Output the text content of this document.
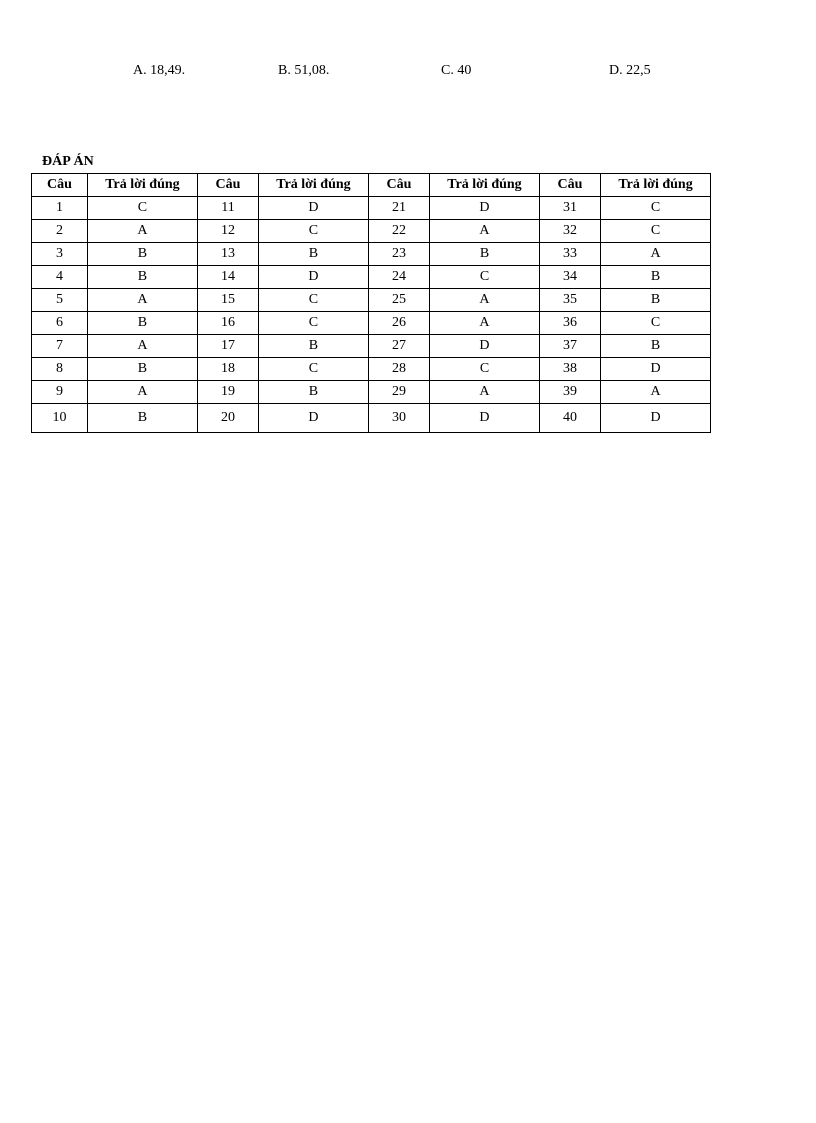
A. 18,49.	B. 51,08.	C. 40	D. 22,5
ĐÁP ÁN
Câu	Trả lời đúng	Câu	Trả lời đúng	Câu	Trả lời đúng	Câu	Trả lời đúng
1	C	11	D	21	D	31	C
2	A	12	C	22	A	32	C
3	B	13	B	23	B	33	A
4	B	14	D	24	C	34	B
5	A	15	C	25	A	35	B
6	B	16	C	26	A	36	C
7	A	17	B	27	D	37	B
8	B	18	C	28	C	38	D
9	A	19	B	29	A	39	A
10	B	20	D	30	D	40	D
